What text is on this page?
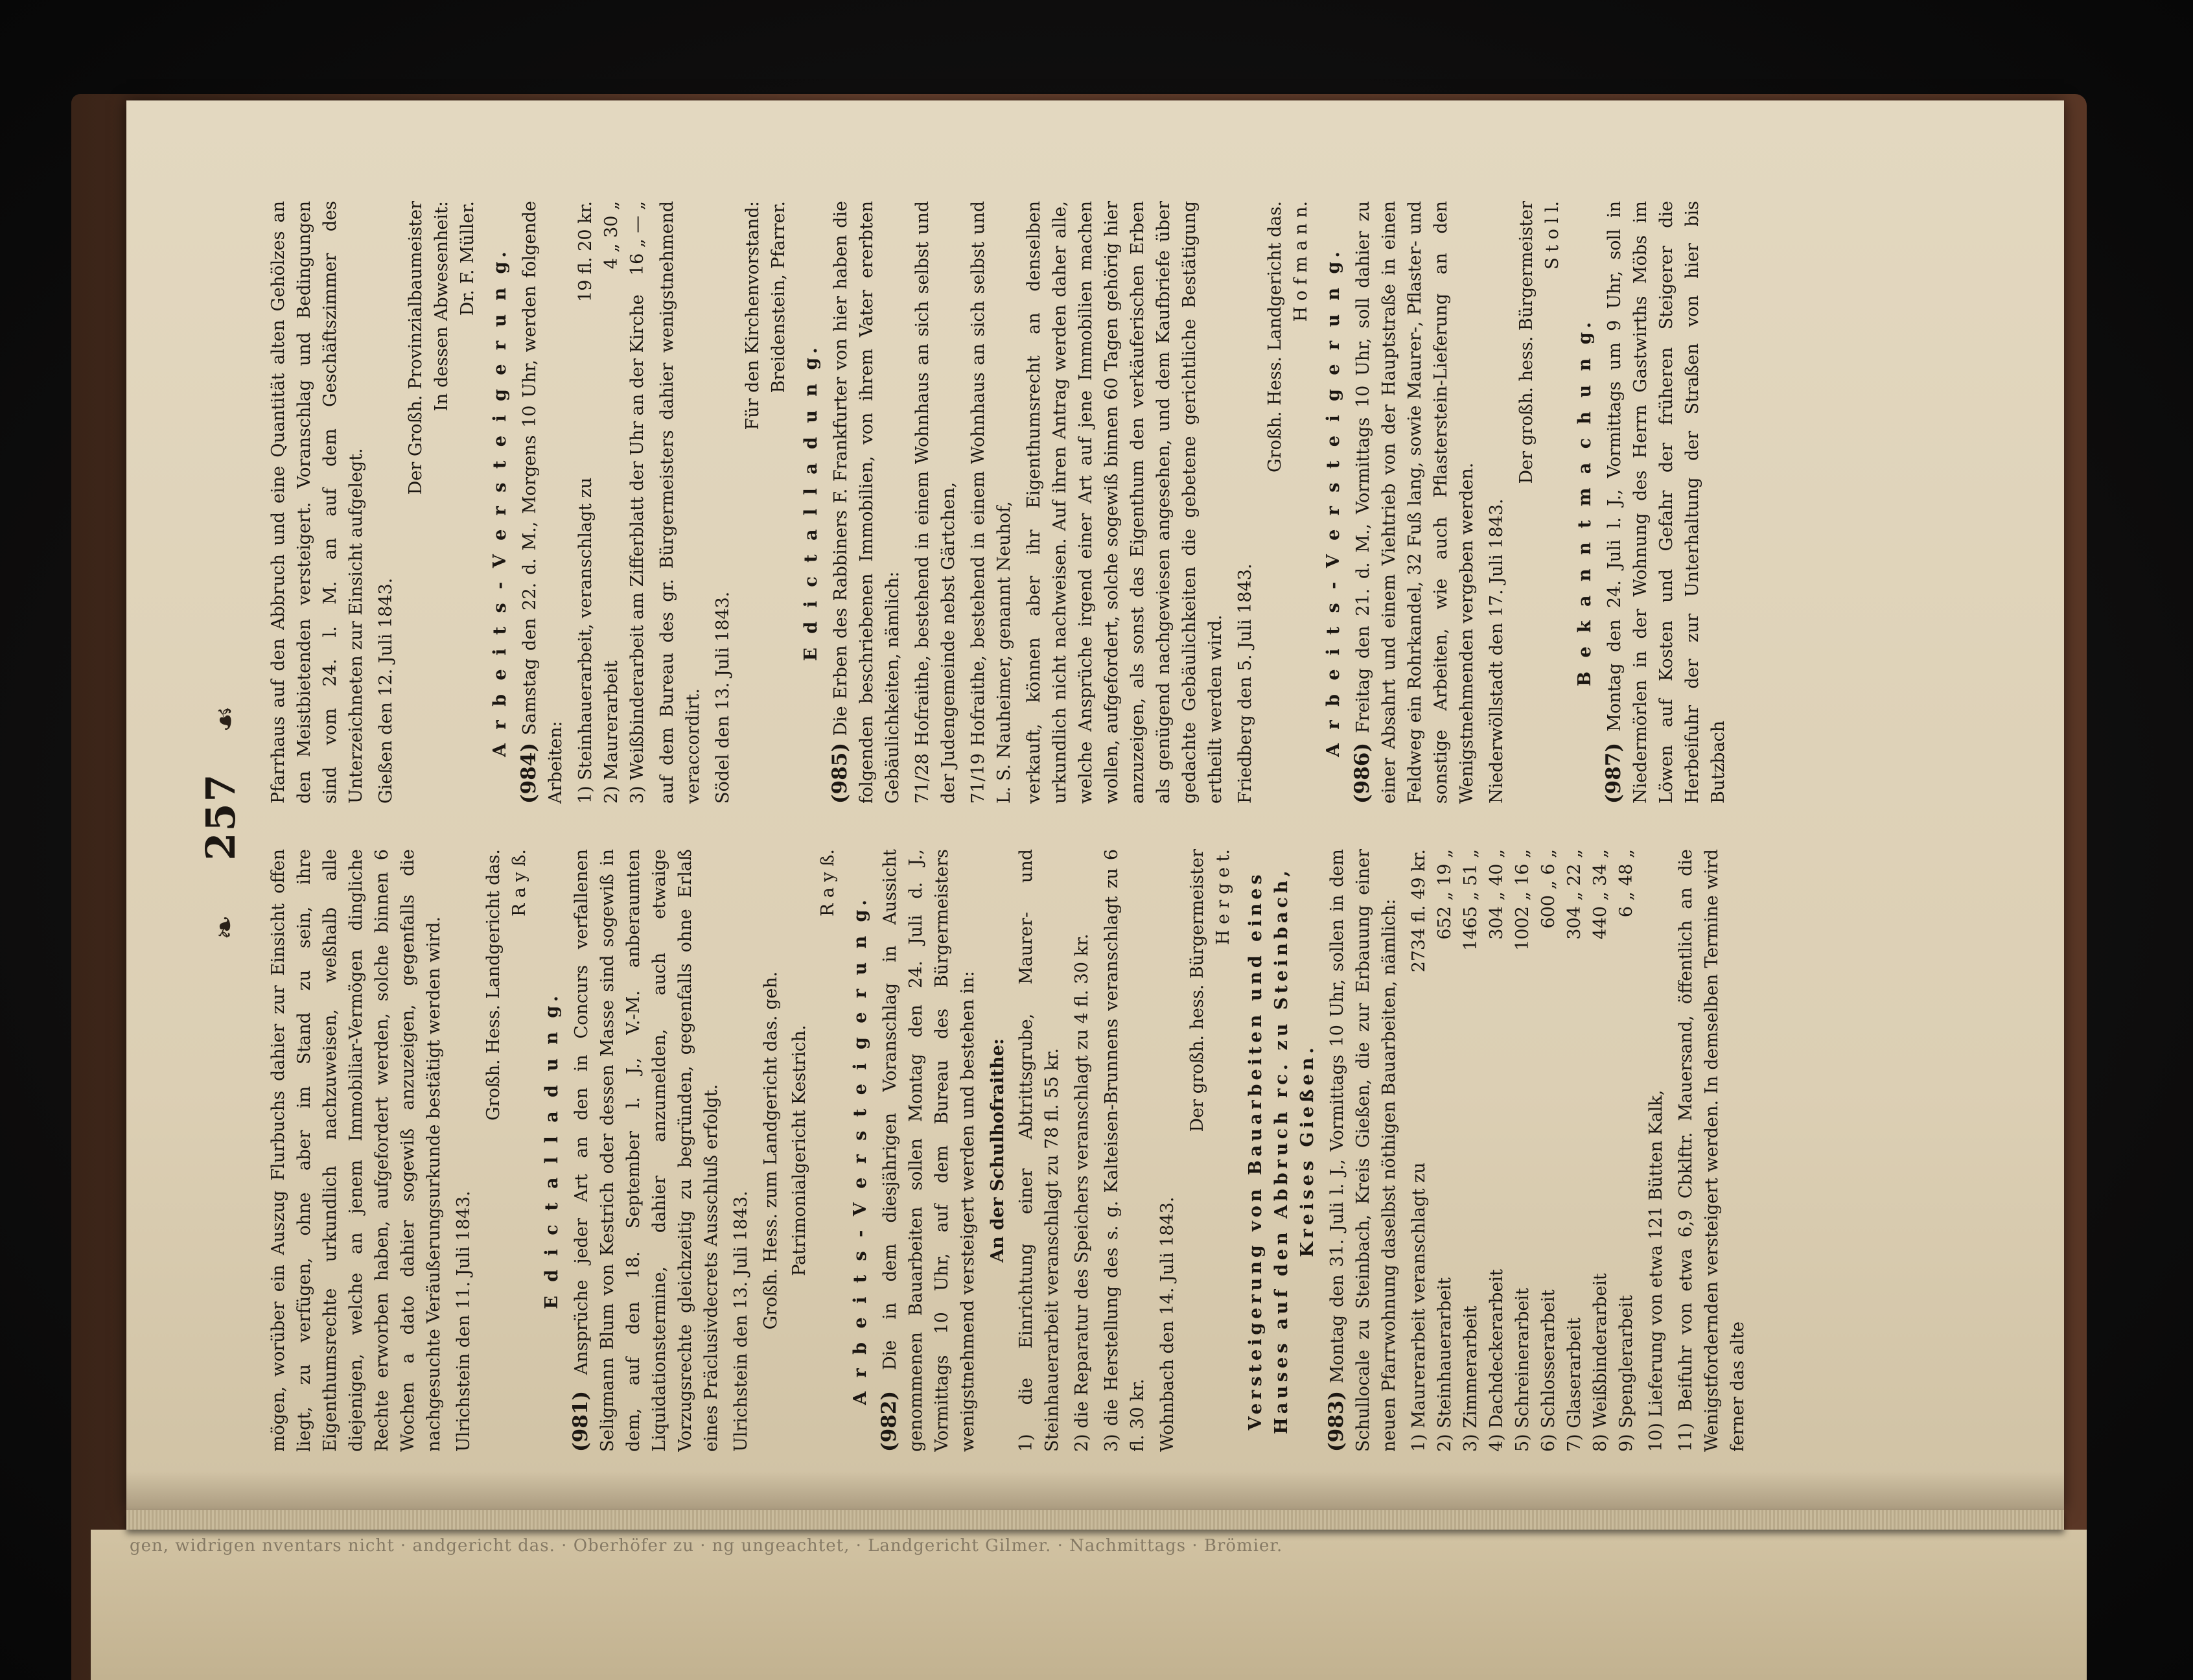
gen, widrigen nventars nicht · andgericht das. · Oberhöfer zu · ng ungeachtet, · Landgericht Gilmer. · Nachmittags · Brömier.
❧
257
☙

mögen, worüber ein Auszug Flurbuchs dahier zur Einsicht offen liegt, zu verfügen, ohne aber im Stand zu sein, ihre Eigenthumsrechte urkundlich nachzuweisen, weßhalb alle diejenigen, welche an jenem Immobiliar-Vermögen dingliche Rechte erworben haben, aufgefordert werden, solche binnen 6 Wochen a dato dahier sogewiß anzuzeigen, gegenfalls die nachgesuchte Veräußerungsurkunde bestätigt werden wird. Ulrichstein den 11. Juli 1843.

Großh. Hess. Landgericht das. R a y ß.

E d i c t a l l a d u n g.

(981) Ansprüche jeder Art an den in Concurs verfallenen Seligmann Blum von Kestrich oder dessen Masse sind sogewiß in dem, auf den 18. September l. J., V.-M. anberaumten Liquidationstermine, dahier anzumelden, auch etwaige Vorzugsrechte gleichzeitig zu begründen, gegenfalls ohne Erlaß eines Präclusivdecrets Ausschluß erfolgt. Ulrichstein den 13. Juli 1843. Großh. Hess. zum Landgericht das. geh. Patrimonialgericht Kestrich.

R a y ß.

A r b e i t s - V e r s t e i g e r u n g.

(982) Die in dem diesjährigen Voranschlag in Aussicht genommenen Bauarbeiten sollen Montag den 24. Juli d. J., Vormittags 10 Uhr, auf dem Bureau des Bürgermeisters wenigstnehmend versteigert werden und bestehen in: An der Schulhofraithe: 1) die Einrichtung einer Abtrittsgrube, Maurer- und Steinhauerarbeit veranschlagt zu 78 fl. 55 kr. 2) die Reparatur des Speichers veranschlagt zu 4 fl. 30 kr. 3) die Herstellung des s. g. Kalteisen-Brunnens veranschlagt zu 6 fl. 30 kr. Wohnbach den 14. Juli 1843.

Der großh. hess. Bürgermeister H e r g e t. Versteigerung von Bauarbeiten und eines Hauses auf den Abbruch rc. zu Steinbach, Kreises Gießen.

(983) Montag den 31. Juli l. J., Vormittags 10 Uhr, sollen in dem Schullocale zu Steinbach, Kreis Gießen, die zur Erbauung einer neuen Pfarrwohnung daselbst nöthigen Bauarbeiten, nämlich: 1) Maurerarbeit veranschlagt zu
2734 fl. 49 kr.
2) Steinhauerarbeit
652 „ 19 „
3) Zimmerarbeit
1465 „ 51 „
4) Dachdeckerarbeit
304 „ 40 „
5) Schreinerarbeit
1002 „ 16 „
6) Schlosserarbeit
600 „ 6 „
7) Glaserarbeit
304 „ 22 „
8) Weißbinderarbeit
440 „ 34 „
9) Spenglerarbeit
6 „ 48 „

10) Lieferung von etwa 121 Bütten Kalk, 11) Beifuhr von etwa 6,9 Cbklftr. Mauersand, öffentlich an die Wenigstfordernden versteigert werden. In demselben Termine wird ferner das alte

Pfarrhaus auf den Abbruch und eine Quantität alten Gehölzes an den Meistbietenden versteigert. Voranschlag und Bedingungen sind vom 24. l. M. an auf dem Geschäftszimmer des Unterzeichneten zur Einsicht aufgelegt. Gießen den 12. Juli 1843.

Der Großh. Provinzialbaumeister In dessen Abwesenheit: Dr. F. Müller. A r b e i t s - V e r s t e i g e r u n g.

(984) Samstag den 22. d. M., Morgens 10 Uhr, werden folgende Arbeiten: 1) Steinhauerarbeit, veranschlagt zu
19 fl. 20 kr.
2) Maurerarbeit
4 „ 30 „
3) Weißbinderarbeit am Zifferblatt der Uhr an der Kirche
16 „ — „ auf dem Bureau des gr. Bürgermeisters dahier wenigstnehmend veraccordirt. Södel den 13. Juli 1843.

Für den Kirchenvorstand: Breidenstein, Pfarrer.

E d i c t a l l a d u n g.

(985) Die Erben des Rabbiners F. Frankfurter von hier haben die folgenden beschriebenen Immobilien, von ihrem Vater ererbten Gebäulichkeiten, nämlich: 71/28 Hofraithe, bestehend in einem Wohnhaus an sich selbst und der Judengemeinde nebst Gärtchen, 71/19 Hofraithe, bestehend in einem Wohnhaus an sich selbst und L. S. Nauheimer, genannt Neuhof, verkauft, können aber ihr Eigenthumsrecht an denselben urkundlich nicht nachweisen. Auf ihren Antrag werden daher alle, welche Ansprüche irgend einer Art auf jene Immobilien machen wollen, aufgefordert, solche sogewiß binnen 60 Tagen gehörig hier anzuzeigen, als sonst das Eigenthum den verkäuferischen Erben als genügend nachgewiesen angesehen, und dem Kaufbriefe über gedachte Gebäulichkeiten die gebetene gerichtliche Bestätigung ertheilt werden wird. Friedberg den 5. Juli 1843.

Großh. Hess. Landgericht das. H o f m a n n. A r b e i t s - V e r s t e i g e r u n g.

(986) Freitag den 21. d. M., Vormittags 10 Uhr, soll dahier zu einer Absahrt und einem Viehtrieb von der Hauptstraße in einen Feldweg ein Rohrkandel, 32 Fuß lang, sowie Maurer-, Pflaster- und sonstige Arbeiten, wie auch Pflasterstein-Lieferung an den Wenigstnehmenden vergeben werden. Niederwöllstadt den 17. Juli 1843.

Der großh. hess. Bürgermeister S t o l l.

B e k a n n t m a c h u n g.

(987) Montag den 24. Juli l. J., Vormittags um 9 Uhr, soll in Niedermörlen in der Wohnung des Herrn Gastwirths Möbs im Löwen auf Kosten und Gefahr der früheren Steigerer die Herbeifuhr der zur Unterhaltung der Straßen von hier bis Butzbach
